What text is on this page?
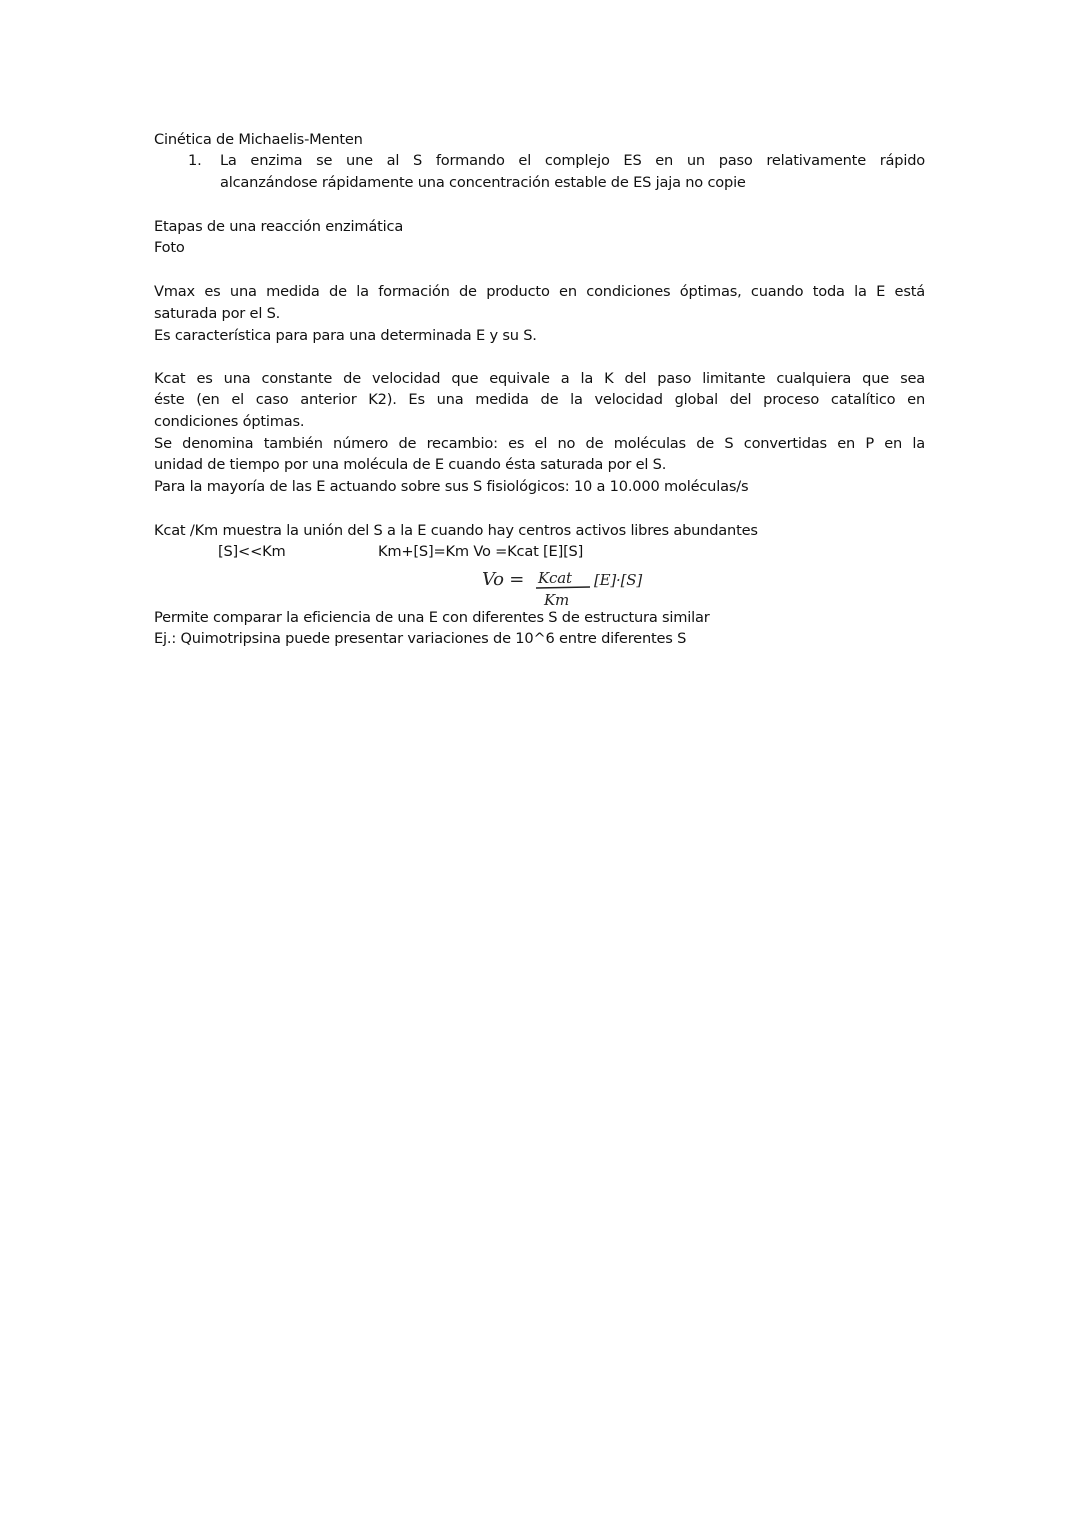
Cinética de Michaelis-Menten
1. La enzima se une al S formando el complejo ES en un paso relativamente rápido
alcanzándose rápidamente una concentración estable de ES jaja no copie
Etapas de una reacción enzimática
Foto
Vmax es una medida de la formación de producto en condiciones óptimas, cuando toda la E está
saturada por el S.
Es característica para para una determinada E y su S.
Kcat es una constante de velocidad que equivale a la K del paso limitante cualquiera que sea
éste (en el caso anterior K2). Es una medida de la velocidad global del proceso catalítico en
condiciones óptimas.
Se denomina también número de recambio: es el no de moléculas de S convertidas en P en la
unidad de tiempo por una molécula de E cuando ésta saturada por el S.
Para la mayoría de las E actuando sobre sus S fisiológicos: 10 a 10.000 moléculas/s
Kcat /Km muestra la unión del S a la E cuando hay centros activos libres abundantes
[S]<<Km	Km+[S]=Km Vo =Kcat [E][S]
Vo = Kcat
Km
[E]·[S]
Permite comparar la eficiencia de una E con diferentes S de estructura similar
Ej.: Quimotripsina puede presentar variaciones de 10^6 entre diferentes S
